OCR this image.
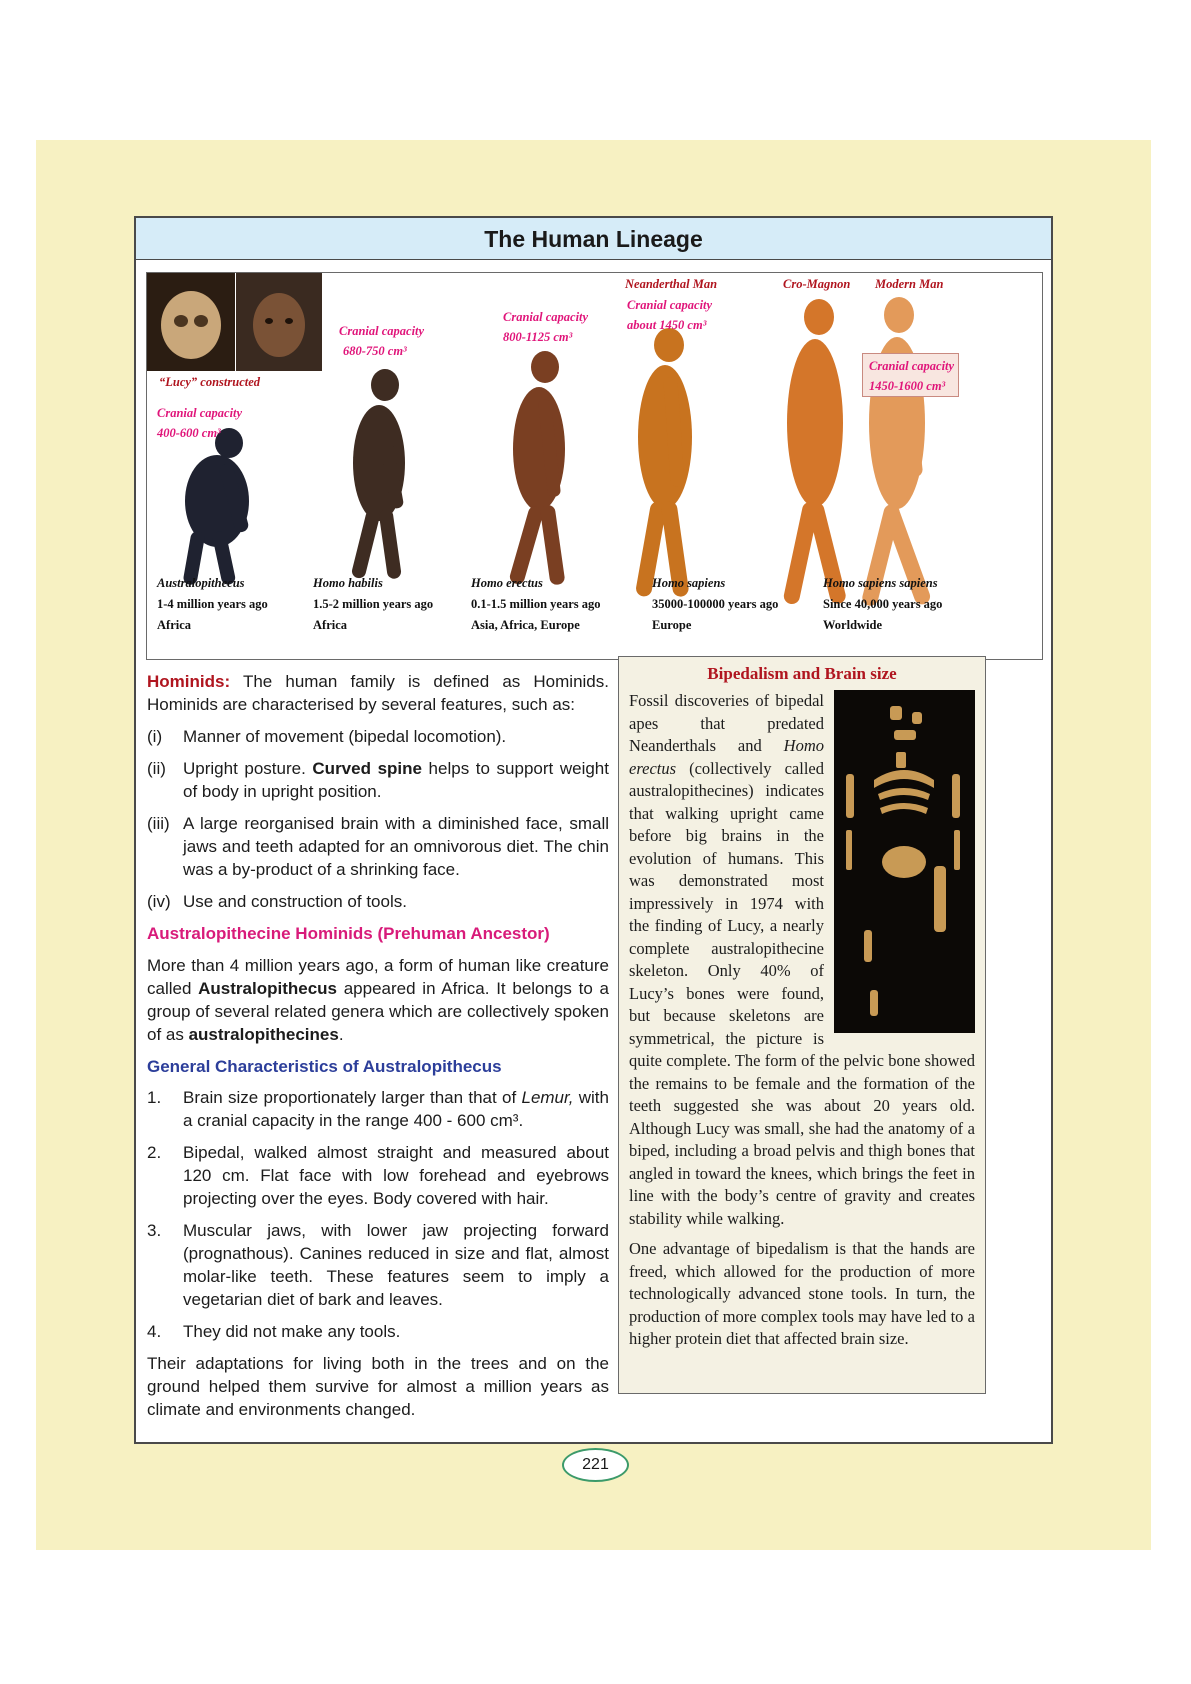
The Human Lineage
“Lucy” constructed
Cranial capacity
400-600 cm³
Cranial capacity
680-750 cm³
Cranial capacity
800-1125 cm³
Neanderthal Man
Cranial capacity
about 1450 cm³
Cro-Magnon Modern Man
Cranial capacity
1450-1600 cm³
Australopithecus
1-4 million years ago
Africa
Homo habilis
1.5-2 million years ago
Africa
Homo erectus
0.1-1.5 million years ago
Asia, Africa, Europe
Homo sapiens
35000-100000 years ago
Europe
Homo sapiens sapiens
Since 40,000 years ago
Worldwide

Hominids: The human family is defined as Hominids. Hominids are characterised by several features, such as:

(i)	Manner of movement (bipedal locomotion).
(ii)	Upright posture. Curved spine helps to support weight of body in upright position.
(iii) A large reorganised brain with a diminished face, small jaws and teeth adapted for an omnivorous diet. The chin was a by-product of a shrinking face.
(iv) Use and construction of tools.
Australopithecine Hominids (Prehuman Ancestor)

More than 4 million years ago, a form of human like creature called Australopithecus appeared in Africa. It belongs to a group of several related genera which are collectively spoken of as australopithecines.

General Characteristics of Australopithecus
1.	Brain size proportionately larger than that of Lemur, with a cranial capacity in the range 400 - 600 cm³.
2.	Bipedal, walked almost straight and measured about 120 cm. Flat face with low forehead and eyebrows projecting over the eyes. Body covered with hair.
3.	Muscular jaws, with lower jaw projecting forward (prognathous). Canines reduced in size and flat, almost molar-like teeth. These features seem to imply a vegetarian diet of bark and leaves.
4.	They did not make any tools.

Their adaptations for living both in the trees and on the ground helped them survive for almost a million years as climate and environments changed.

Bipedalism and Brain size

Fossil discoveries of bipedal apes that predated Neanderthals and Homo erectus (collectively called australopithecines) indicates that walking upright came before big brains in the evolution of humans. This was demonstrated most impressively in 1974 with the finding of Lucy, a nearly complete australopithecine skeleton. Only 40% of Lucy’s bones were found, but because skeletons are symmetrical, the picture is quite complete. The form of the pelvic bone showed the remains to be female and the formation of the teeth suggested she was about 20 years old. Although Lucy was small, she had the anatomy of a biped, including a broad pelvis and thigh bones that angled in toward the knees, which brings the feet in line with the body’s centre of gravity and creates stability while walking.

One advantage of bipedalism is that the hands are freed, which allowed for the production of more technologically advanced stone tools. In turn, the production of more complex tools may have led to a higher protein diet that affected brain size.

221
